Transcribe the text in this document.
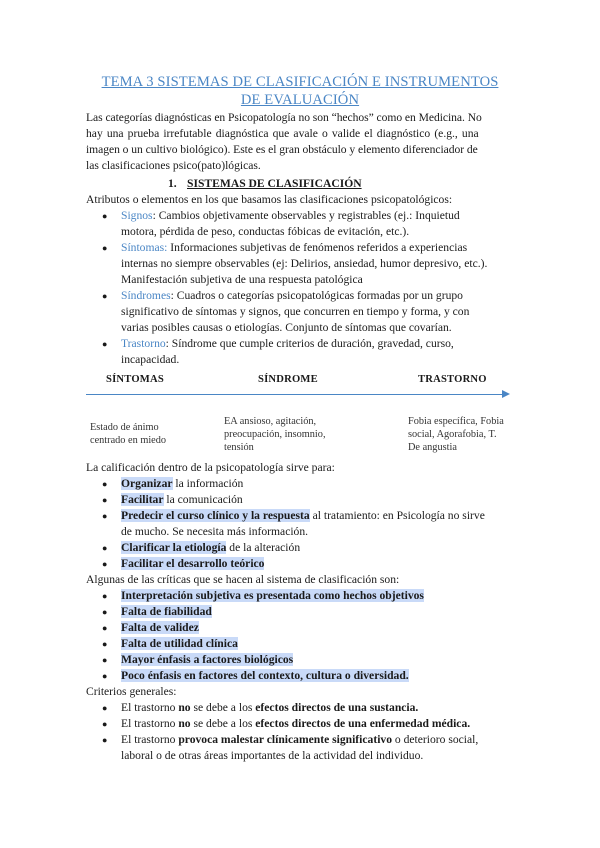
TEMA 3 SISTEMAS DE CLASIFICACIÓN E INSTRUMENTOS
DE EVALUACIÓN
Las categorías diagnósticas en Psicopatología no son “hechos” como en Medicina. No
hay una prueba irrefutable diagnóstica que avale o valide el diagnóstico (e.g., una
imagen o un cultivo biológico). Este es el gran obstáculo y elemento diferenciador de
las clasificaciones psico(pato)lógicas.
1. SISTEMAS DE CLASIFICACIÓN
Atributos o elementos en los que basamos las clasificaciones psicopatológicos:
● Signos: Cambios objetivamente observables y registrables (ej.: Inquietud
motora, pérdida de peso, conductas fóbicas de evitación, etc.).
● Síntomas: Informaciones subjetivas de fenómenos referidos a experiencias
internas no siempre observables (ej: Delirios, ansiedad, humor depresivo, etc.).
Manifestación subjetiva de una respuesta patológica
● Síndromes: Cuadros o categorías psicopatológicas formadas por un grupo
significativo de síntomas y signos, que concurren en tiempo y forma, y con
varias posibles causas o etiologías. Conjunto de síntomas que covarían.
● Trastorno: Síndrome que cumple criterios de duración, gravedad, curso,
incapacidad.
SÍNTOMAS	SÍNDROME	TRASTORNO
Estado de ánimo
centrado en miedo
EA ansioso, agitación,
preocupación, insomnio,
tensión
Fobia específica, Fobia
social, Agorafobia, T.
De angustia
La calificación dentro de la psicopatología sirve para:
● Organizar la información
● Facilitar la comunicación
● Predecir el curso clínico y la respuesta al tratamiento: en Psicología no sirve
de mucho. Se necesita más información.
● Clarificar la etiología de la alteración
● Facilitar el desarrollo teórico
Algunas de las críticas que se hacen al sistema de clasificación son:
● Interpretación subjetiva es presentada como hechos objetivos
● Falta de fiabilidad
● Falta de validez
● Falta de utilidad clínica
● Mayor énfasis a factores biológicos
● Poco énfasis en factores del contexto, cultura o diversidad.
Criterios generales:
● El trastorno no se debe a los efectos directos de una sustancia.
● El trastorno no se debe a los efectos directos de una enfermedad médica.
● El trastorno provoca malestar clínicamente significativo o deterioro social,
laboral o de otras áreas importantes de la actividad del individuo.
